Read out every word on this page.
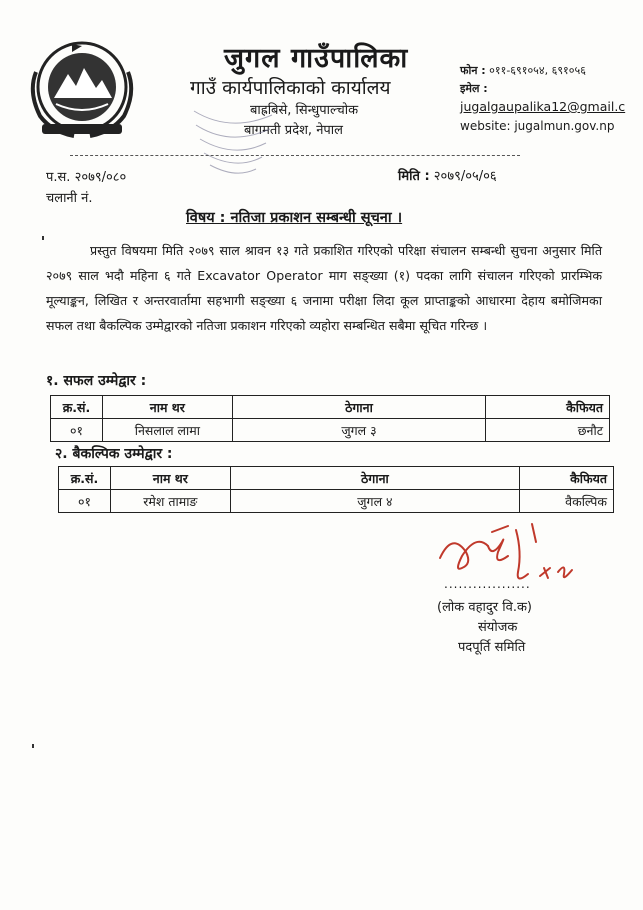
जुगल गाउँपालिका
गाउँ कार्यपालिकाको कार्यालय
बाह्रबिसे, सिन्धुपाल्चोक
बागमती प्रदेश, नेपाल
फोन : ०११-६९१०५४, ६९१०५६
इमेल : jugalgaupalika12@gmail.c
website: jugalmun.gov.np
प.स. २०७९/०८०
चलानी नं.
मिति : २०७९/०५/०६
विषय : नतिजा प्रकाशन सम्बन्धी सूचना ।
प्रस्तुत विषयमा मिति २०७९ साल श्रावन १३ गते प्रकाशित गरिएको परिक्षा संचालन सम्बन्धी सुचना अनुसार मिति २०७९ साल भदौ महिना ६ गते Excavator Operator माग सङ्ख्या (१) पदका लागि संचालन गरिएको प्रारम्भिक मूल्याङ्कन, लिखित र अन्तरवार्तामा सहभागी सङ्ख्या ६ जनामा परीक्षा लिदा कूल प्राप्ताङ्कको आधारमा देहाय बमोजिमका सफल तथा बैकल्पिक उम्मेद्वारको नतिजा प्रकाशन गरिएको व्यहोरा सम्बन्धित सबैमा सूचित गरिन्छ ।
१. सफल उम्मेद्वार :
क्र.सं.	नाम थर	ठेगाना	कैफियत
०१	निसलाल लामा	जुगल ३	छनौट
२. बैकल्पिक उम्मेद्वार :
क्र.सं.	नाम थर	ठेगाना	कैफियत
०१	रमेश तामाङ	जुगल ४	वैकल्पिक
..................
(लोक वहादुर वि.क)
संयोजक
पदपूर्ति समिति
